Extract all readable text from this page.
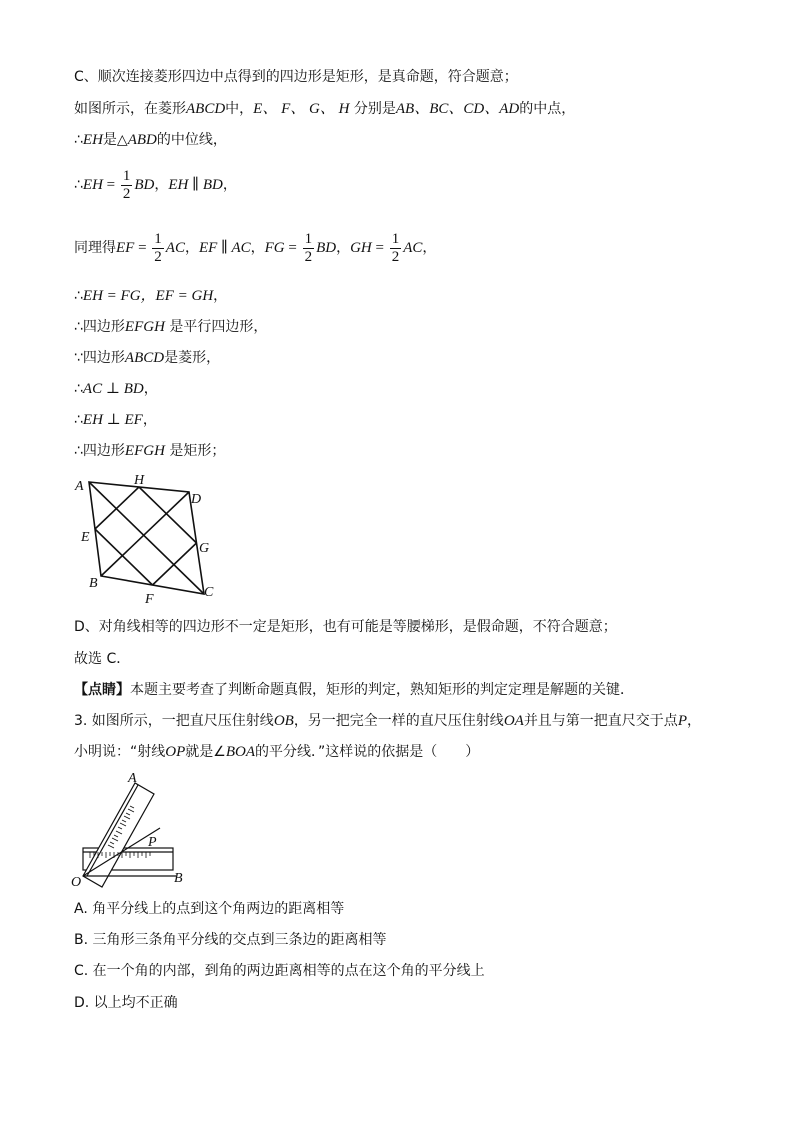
C、顺次连接菱形四边中点得到的四边形是矩形，是真命题，符合题意；
如图所示，在菱形ABCD中，E、 F、 G、 H 分别是AB、BC、CD、AD的中点，
∴EH是△ABD的中位线，
∴EH = $\frac{1}{2}$ BD，EH ∥ BD，
同理得EF = $\frac{1}{2}$ AC，EF ∥ AC，FG = $\frac{1}{2}$ BD，GH = $\frac{1}{2}$ AC，
∴EH = FG，EF = GH，
∴四边形EFGH 是平行四边形，
∵四边形ABCD是菱形，
∴AC ⊥ BD，
∴EH ⊥ EF，
∴四边形EFGH 是矩形；
A	H
D
E
G
B
F	C
D、对角线相等的四边形不一定是矩形，也有可能是等腰梯形，是假命题，不符合题意；
故选 C．
【点睛】本题主要考查了判断命题真假，矩形的判定，熟知矩形的判定定理是解题的关键．
3. 如图所示，一把直尺压住射线OB，另一把完全一样的直尺压住射线OA并且与第一把直尺交于点P，
小明说：“射线OP就是∠BOA的平分线．”这样说的依据是（　　）
A
P
O	B
A. 角平分线上的点到这个角两边的距离相等
B. 三角形三条角平分线的交点到三条边的距离相等
C. 在一个角的内部，到角的两边距离相等的点在这个角的平分线上
D. 以上均不正确
